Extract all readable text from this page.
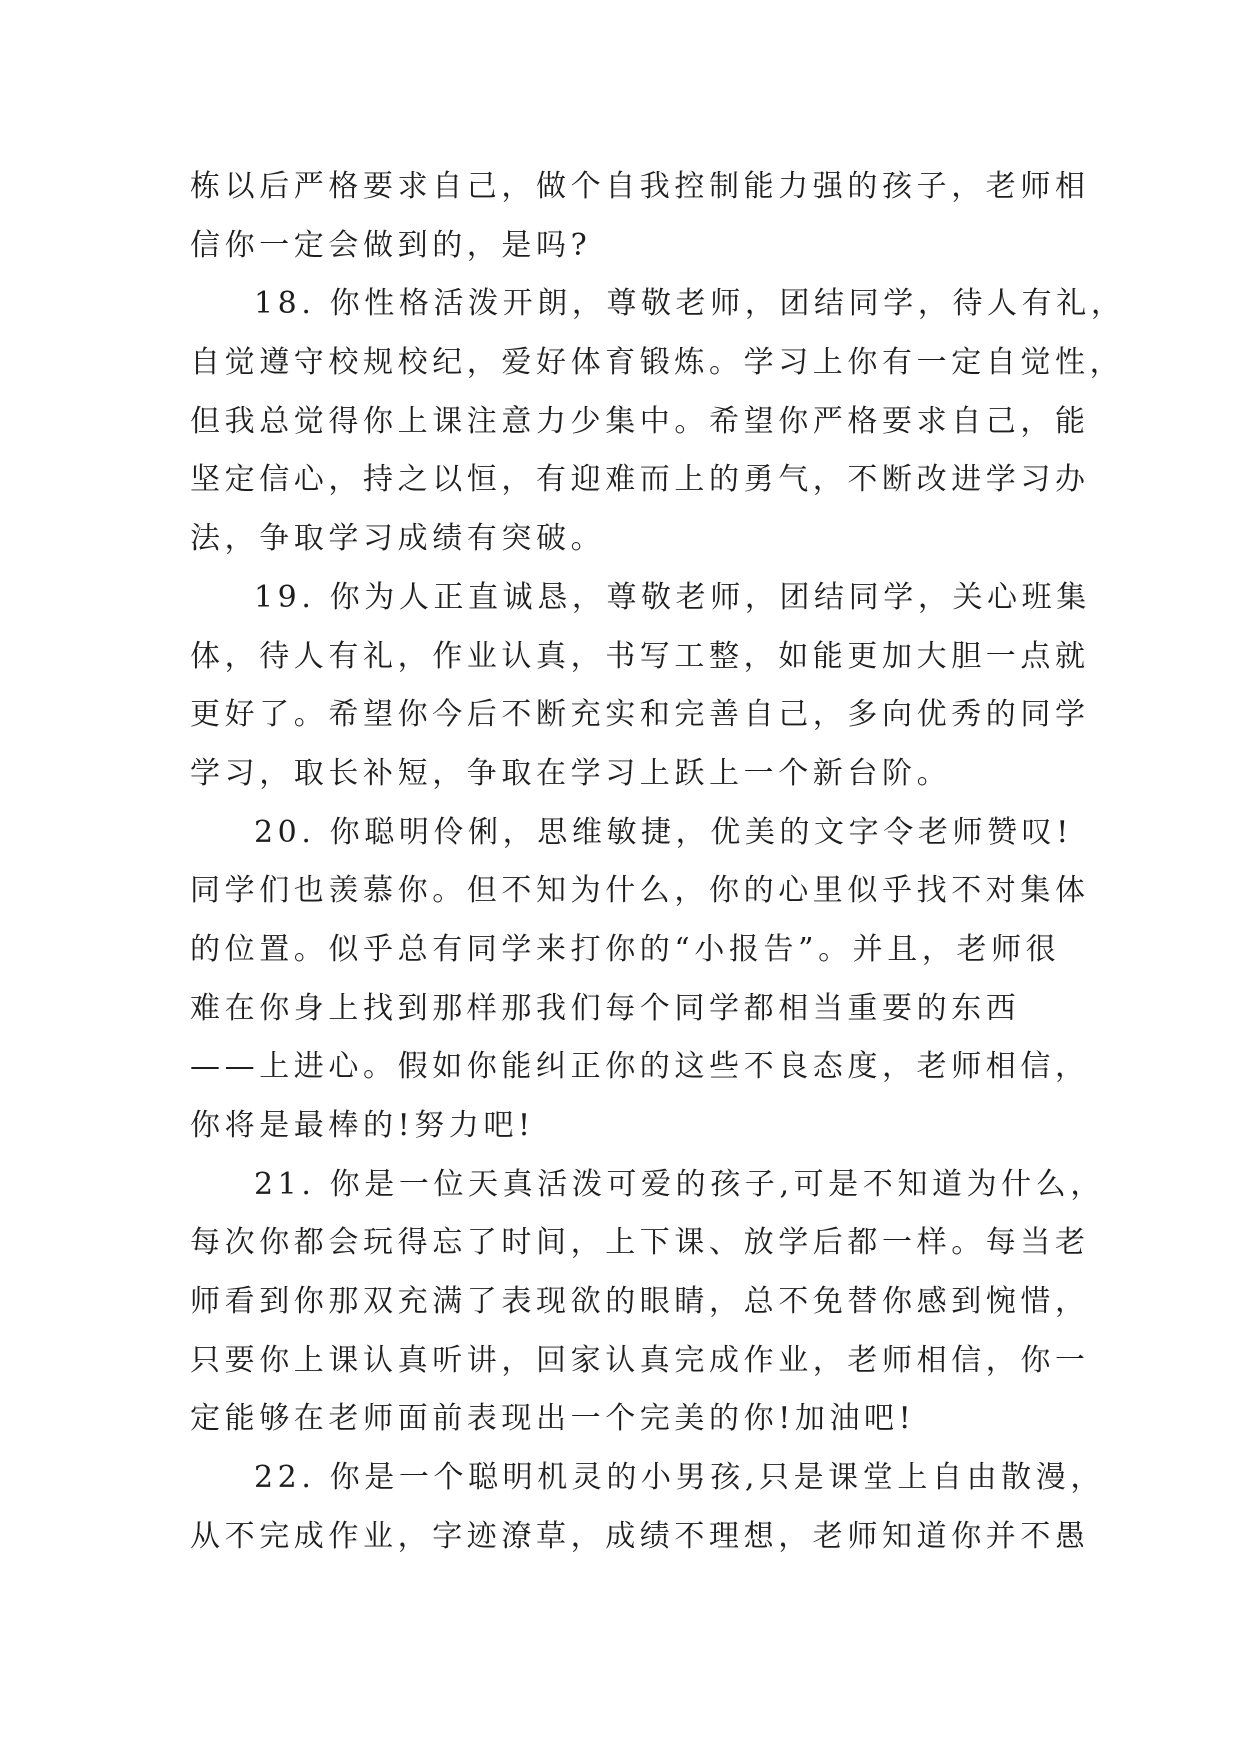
栋以后严格要求自己，做个自我控制能力强的孩子，老师相
信你一定会做到的，是吗?
18. 你性格活泼开朗，尊敬老师，团结同学，待人有礼，
自觉遵守校规校纪，爱好体育锻炼。学习上你有一定自觉性，
但我总觉得你上课注意力少集中。希望你严格要求自己，能
坚定信心，持之以恒，有迎难而上的勇气，不断改进学习办
法，争取学习成绩有突破。
19. 你为人正直诚恳，尊敬老师，团结同学，关心班集
体，待人有礼，作业认真，书写工整，如能更加大胆一点就
更好了。希望你今后不断充实和完善自己，多向优秀的同学
学习，取长补短，争取在学习上跃上一个新台阶。
20. 你聪明伶俐，思维敏捷，优美的文字令老师赞叹!
同学们也羡慕你。但不知为什么，你的心里似乎找不对集体
的位置。似乎总有同学来打你的“小报告”。并且，老师很
难在你身上找到那样那我们每个同学都相当重要的东西
——上进心。假如你能纠正你的这些不良态度，老师相信，
你将是最棒的!努力吧!
21. 你是一位天真活泼可爱的孩子,可是不知道为什么，
每次你都会玩得忘了时间，上下课、放学后都一样。每当老
师看到你那双充满了表现欲的眼睛，总不免替你感到惋惜，
只要你上课认真听讲，回家认真完成作业，老师相信，你一
定能够在老师面前表现出一个完美的你!加油吧!
22. 你是一个聪明机灵的小男孩,只是课堂上自由散漫，
从不完成作业，字迹潦草，成绩不理想，老师知道你并不愚
